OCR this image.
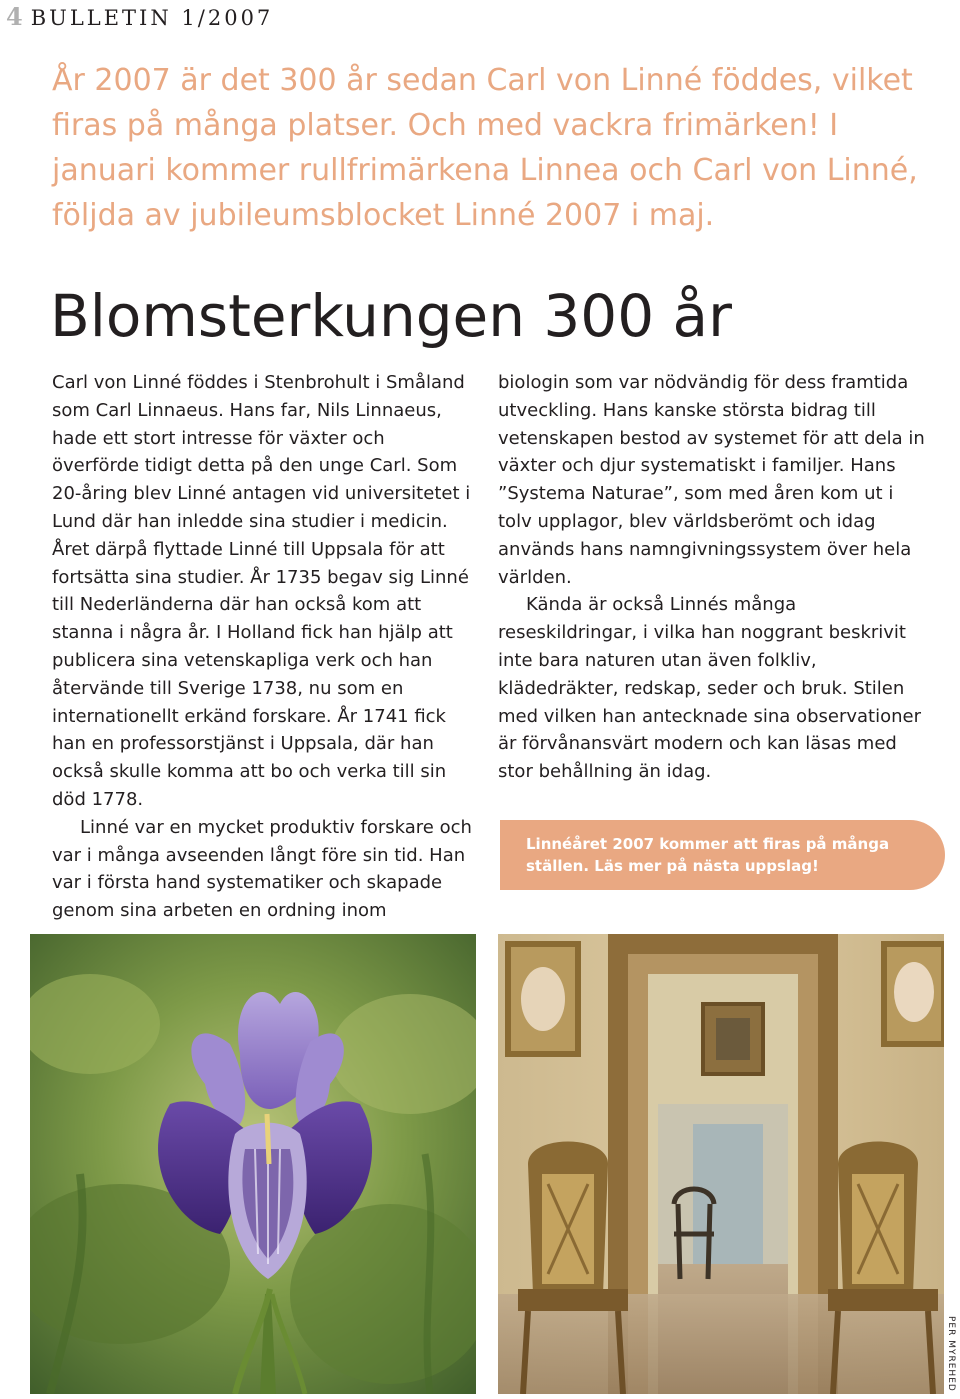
4 BULLETIN 1/2007

År 2007 är det 300 år sedan Carl von Linné föddes, vilket firas på många platser. Och med vackra frimärken! I januari kommer rullfrimärkena Linnea och Carl von Linné, följda av jubileumsblocket Linné 2007 i maj.

Blomsterkungen 300 år

Carl von Linné föddes i Stenbrohult i Småland som Carl Linnaeus. Hans far, Nils Linnaeus, hade ett stort intresse för växter och överförde tidigt detta på den unge Carl. Som 20-åring blev Linné antagen vid universitetet i Lund där han inledde sina studier i medicin. Året därpå flyttade Linné till Uppsala för att fortsätta sina studier. År 1735 begav sig Linné till Nederländerna där han också kom att stanna i några år. I Holland fick han hjälp att publicera sina vetenskapliga verk och han återvände till Sverige 1738, nu som en internationellt erkänd forskare. År 1741 fick han en professorstjänst i Uppsala, där han också skulle komma att bo och verka till sin död 1778.

Linné var en mycket produktiv forskare och var i många avseenden långt före sin tid. Han var i första hand systematiker och skapade genom sina arbeten en ordning inom

biologin som var nödvändig för dess framtida utveckling. Hans kanske största bidrag till vetenskapen bestod av systemet för att dela in växter och djur systematiskt i familjer. Hans ”Systema Naturae”, som med åren kom ut i tolv upplagor, blev världsberömt och idag används hans namngivningssystem över hela världen.

Kända är också Linnés många reseskildringar, i vilka han noggrant beskrivit inte bara naturen utan även folkliv, klädedräkter, redskap, seder och bruk. Stilen med vilken han antecknade sina observationer är förvånansvärt modern och kan läsas med stor behållning än idag.

Linnéåret 2007 kommer att firas på många ställen. Läs mer på nästa uppslag!

PER MYREHED
